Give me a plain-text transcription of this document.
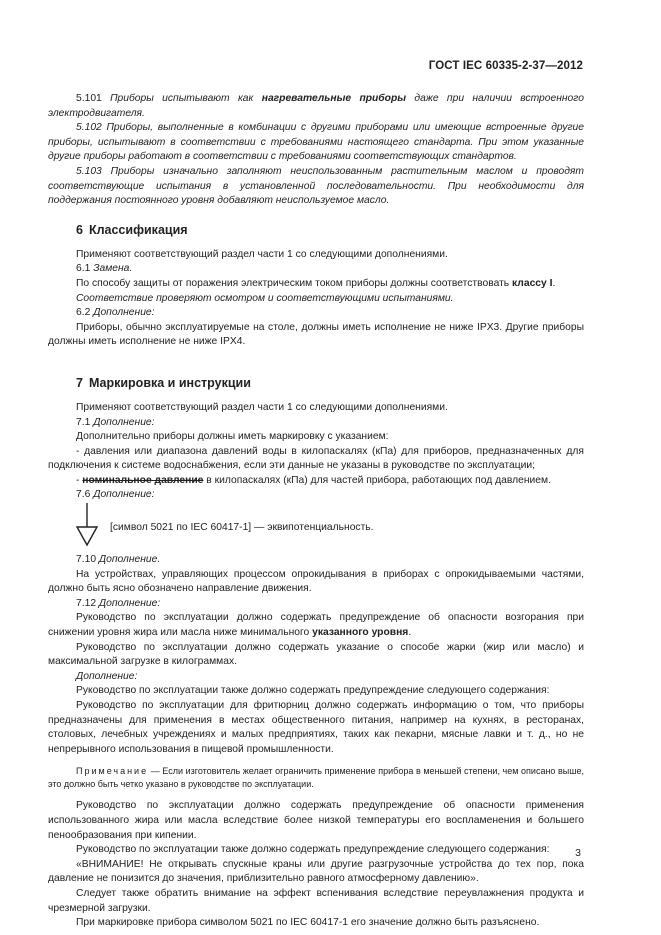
ГОСТ IEC 60335-2-37—2012

5.101 Приборы испытывают как нагревательные приборы даже при наличии встроенного электродвигателя.

5.102 Приборы, выполненные в комбинации с другими приборами или имеющие встроенные другие приборы, испытывают в соответствии с требованиями настоящего стандарта. При этом указанные другие приборы работают в соответствии с требованиями соответствующих стандартов.

5.103 Приборы изначально заполняют неиспользованным растительным маслом и проводят соответствующие испытания в установленной последовательности. При необходимости для поддержания постоянного уровня добавляют неиспользуемое масло.

6 Классификация

Применяют соответствующий раздел части 1 со следующими дополнениями.

6.1 Замена.

По способу защиты от поражения электрическим током приборы должны соответствовать классу I.

Соответствие проверяют осмотром и соответствующими испытаниями.

6.2 Дополнение:

Приборы, обычно эксплуатируемые на столе, должны иметь исполнение не ниже IPX3. Другие приборы должны иметь исполнение не ниже IPX4.

7 Маркировка и инструкции

Применяют соответствующий раздел части 1 со следующими дополнениями.

7.1 Дополнение:

Дополнительно приборы должны иметь маркировку с указанием:

- давления или диапазона давлений воды в килопаскалях (кПа) для приборов, предназначенных для подключения к системе водоснабжения, если эти данные не указаны в руководстве по эксплуатации;

- номинальное давление в килопаскалях (кПа) для частей прибора, работающих под давлением.

7.6 Дополнение:

[символ 5021 по IEC 60417-1] — эквипотенциальность.

7.10 Дополнение.

На устройствах, управляющих процессом опрокидывания в приборах с опрокидываемыми частями, должно быть ясно обозначено направление движения.

7.12 Дополнение:

Руководство по эксплуатации должно содержать предупреждение об опасности возгорания при снижении уровня жира или масла ниже минимального указанного уровня.

Руководство по эксплуатации должно содержать указание о способе жарки (жир или масло) и максимальной загрузке в килограммах.

Дополнение:

Руководство по эксплуатации также должно содержать предупреждение следующего содержания:

Руководство по эксплуатации для фритюрниц должно содержать информацию о том, что приборы предназначены для применения в местах общественного питания, например на кухнях, в ресторанах, столовых, лечебных учреждениях и малых предприятиях, таких как пекарни, мясные лавки и т. д., но не непрерывного использования в пищевой промышленности.

Примечание — Если изготовитель желает ограничить применение прибора в меньшей степени, чем описано выше, это должно быть четко указано в руководстве по эксплуатации.

Руководство по эксплуатации должно содержать предупреждение об опасности применения использованного жира или масла вследствие более низкой температуры его воспламенения и большего пенообразования при кипении.

Руководство по эксплуатации также должно содержать предупреждение следующего содержания:

«ВНИМАНИЕ! Не открывать спускные краны или другие разгрузочные устройства до тех пор, пока давление не понизится до значения, приблизительно равного атмосферному давлению».

Следует также обратить внимание на эффект вспенивания вследствие переувлажнения продукта и чрезмерной загрузки.

При маркировке прибора символом 5021 по IEC 60417-1 его значение должно быть разъяснено.

3
